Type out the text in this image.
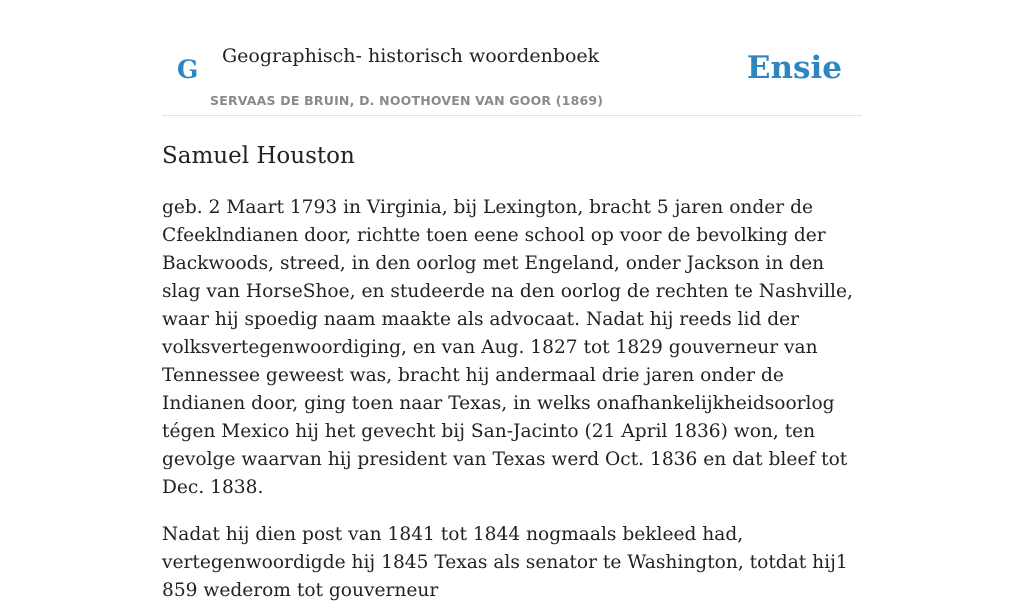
G Geographisch- historisch woordenboek
SERVAAS DE BRUIN, D. NOOTHOVEN VAN GOOR (1869)
Ensie
Samuel Houston

geb. 2 Maart 1793 in Virginia, bij Lexington, bracht 5 jaren onder de Cfeeklndianen door, richtte toen eene school op voor de bevolking der Backwoods, streed, in den oorlog met Engeland, onder Jackson in den slag van HorseShoe, en studeerde na den oorlog de rechten te Nashville, waar hij spoedig naam maakte als advocaat. Nadat hij reeds lid der volksvertegenwoordiging, en van Aug. 1827 tot 1829 gouverneur van Tennessee geweest was, bracht hij andermaal drie jaren onder de Indianen door, ging toen naar Texas, in welks onafhankelijkheidsoorlog tégen Mexico hij het gevecht bij San-Jacinto (21 April 1836) won, ten gevolge waarvan hij president van Texas werd Oct. 1836 en dat bleef tot Dec. 1838.

Nadat hij dien post van 1841 tot 1844 nogmaals bekleed had, vertegenwoordigde hij 1845 Texas als senator te Washington, totdat hij1 859 wederom tot gouverneur
